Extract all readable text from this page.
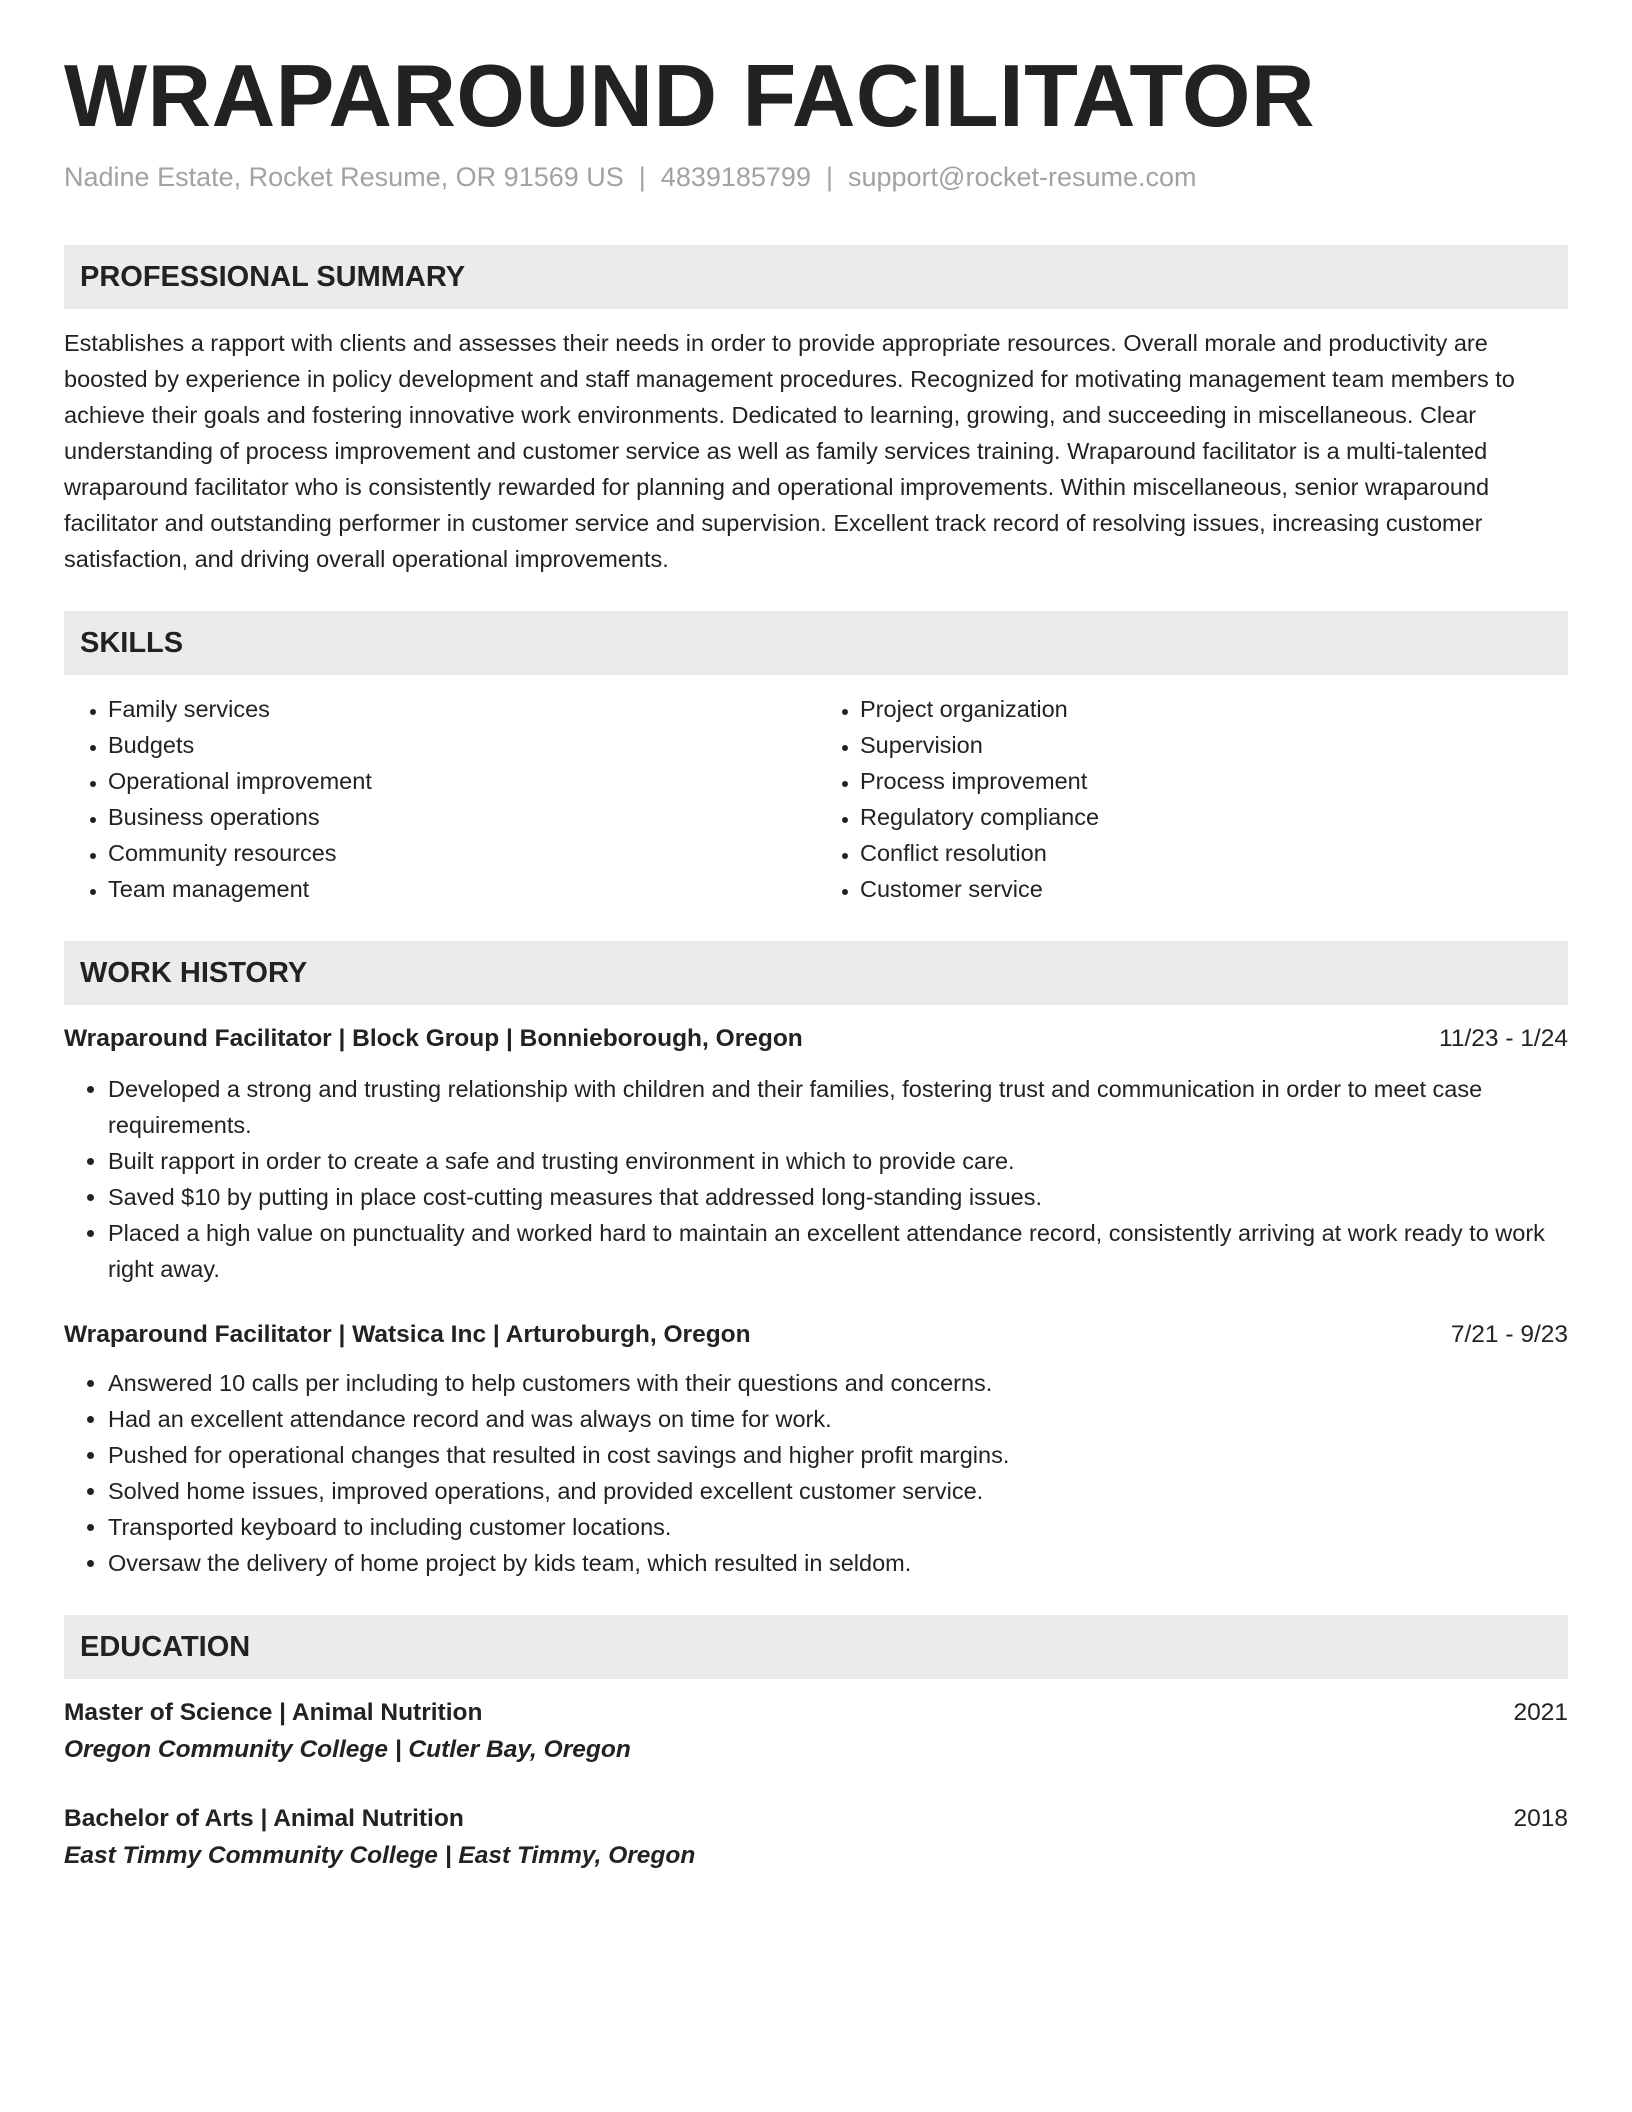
WRAPAROUND FACILITATOR
Nadine Estate, Rocket Resume, OR 91569 US | 4839185799 | support@rocket-resume.com
PROFESSIONAL SUMMARY

Establishes a rapport with clients and assesses their needs in order to provide appropriate resources. Overall morale and productivity are boosted by experience in policy development and staff management procedures. Recognized for motivating management team members to achieve their goals and fostering innovative work environments. Dedicated to learning, growing, and succeeding in miscellaneous. Clear understanding of process improvement and customer service as well as family services training. Wraparound facilitator is a multi-talented wraparound facilitator who is consistently rewarded for planning and operational improvements. Within miscellaneous, senior wraparound facilitator and outstanding performer in customer service and supervision. Excellent track record of resolving issues, increasing customer satisfaction, and driving overall operational improvements.

SKILLS
• Family services
• Budgets
• Operational improvement
• Business operations
• Community resources
• Team management
• Project organization
• Supervision
• Process improvement
• Regulatory compliance
• Conflict resolution
• Customer service
WORK HISTORY
Wraparound Facilitator | Block Group | Bonnieborough, Oregon	11/23 - 1/24
• Developed a strong and trusting relationship with children and their families, fostering trust and communication in order to meet case requirements.
• Built rapport in order to create a safe and trusting environment in which to provide care.
• Saved $10 by putting in place cost-cutting measures that addressed long-standing issues.
• Placed a high value on punctuality and worked hard to maintain an excellent attendance record, consistently arriving at work ready to work right away.
Wraparound Facilitator | Watsica Inc | Arturoburgh, Oregon	7/21 - 9/23
• Answered 10 calls per including to help customers with their questions and concerns.
• Had an excellent attendance record and was always on time for work.
• Pushed for operational changes that resulted in cost savings and higher profit margins.
• Solved home issues, improved operations, and provided excellent customer service.
• Transported keyboard to including customer locations.
• Oversaw the delivery of home project by kids team, which resulted in seldom.
EDUCATION
Master of Science | Animal Nutrition	2021
Oregon Community College | Cutler Bay, Oregon
Bachelor of Arts | Animal Nutrition	2018
East Timmy Community College | East Timmy, Oregon
